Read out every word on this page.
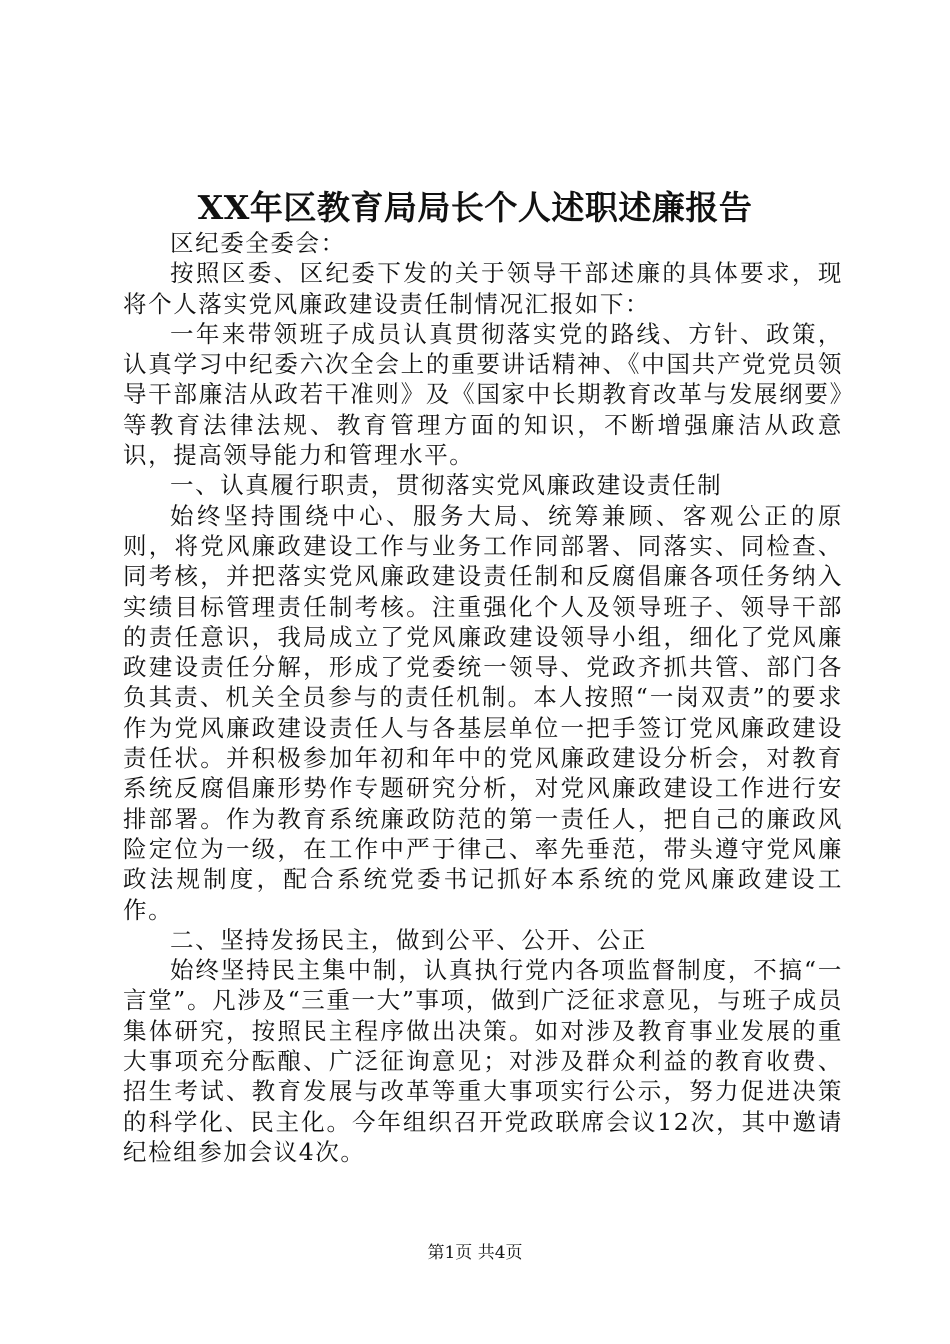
XX年区教育局局长个人述职述廉报告

区纪委全委会：

按照区委、区纪委下发的关于领导干部述廉的具体要求，现将个人落实党风廉政建设责任制情况汇报如下：

一年来带领班子成员认真贯彻落实党的路线、方针、政策，认真学习中纪委六次全会上的重要讲话精神、《中国共产党党员领导干部廉洁从政若干准则》及《国家中长期教育改革与发展纲要》等教育法律法规、教育管理方面的知识，不断增强廉洁从政意识，提高领导能力和管理水平。

一、认真履行职责，贯彻落实党风廉政建设责任制

始终坚持围绕中心、服务大局、统筹兼顾、客观公正的原则，将党风廉政建设工作与业务工作同部署、同落实、同检查、同考核，并把落实党风廉政建设责任制和反腐倡廉各项任务纳入实绩目标管理责任制考核。注重强化个人及领导班子、领导干部的责任意识，我局成立了党风廉政建设领导小组，细化了党风廉政建设责任分解，形成了党委统一领导、党政齐抓共管、部门各负其责、机关全员参与的责任机制。本人按照“一岗双责”的要求作为党风廉政建设责任人与各基层单位一把手签订党风廉政建设责任状。并积极参加年初和年中的党风廉政建设分析会，对教育系统反腐倡廉形势作专题研究分析，对党风廉政建设工作进行安排部署。作为教育系统廉政防范的第一责任人，把自己的廉政风险定位为一级，在工作中严于律己、率先垂范，带头遵守党风廉政法规制度，配合系统党委书记抓好本系统的党风廉政建设工作。

二、坚持发扬民主，做到公平、公开、公正

始终坚持民主集中制，认真执行党内各项监督制度，不搞“一言堂”。凡涉及“三重一大”事项，做到广泛征求意见，与班子成员集体研究，按照民主程序做出决策。如对涉及教育事业发展的重大事项充分酝酿、广泛征询意见；对涉及群众利益的教育收费、招生考试、教育发展与改革等重大事项实行公示，努力促进决策的科学化、民主化。今年组织召开党政联席会议12次，其中邀请纪检组参加会议4次。

第1页 共4页
